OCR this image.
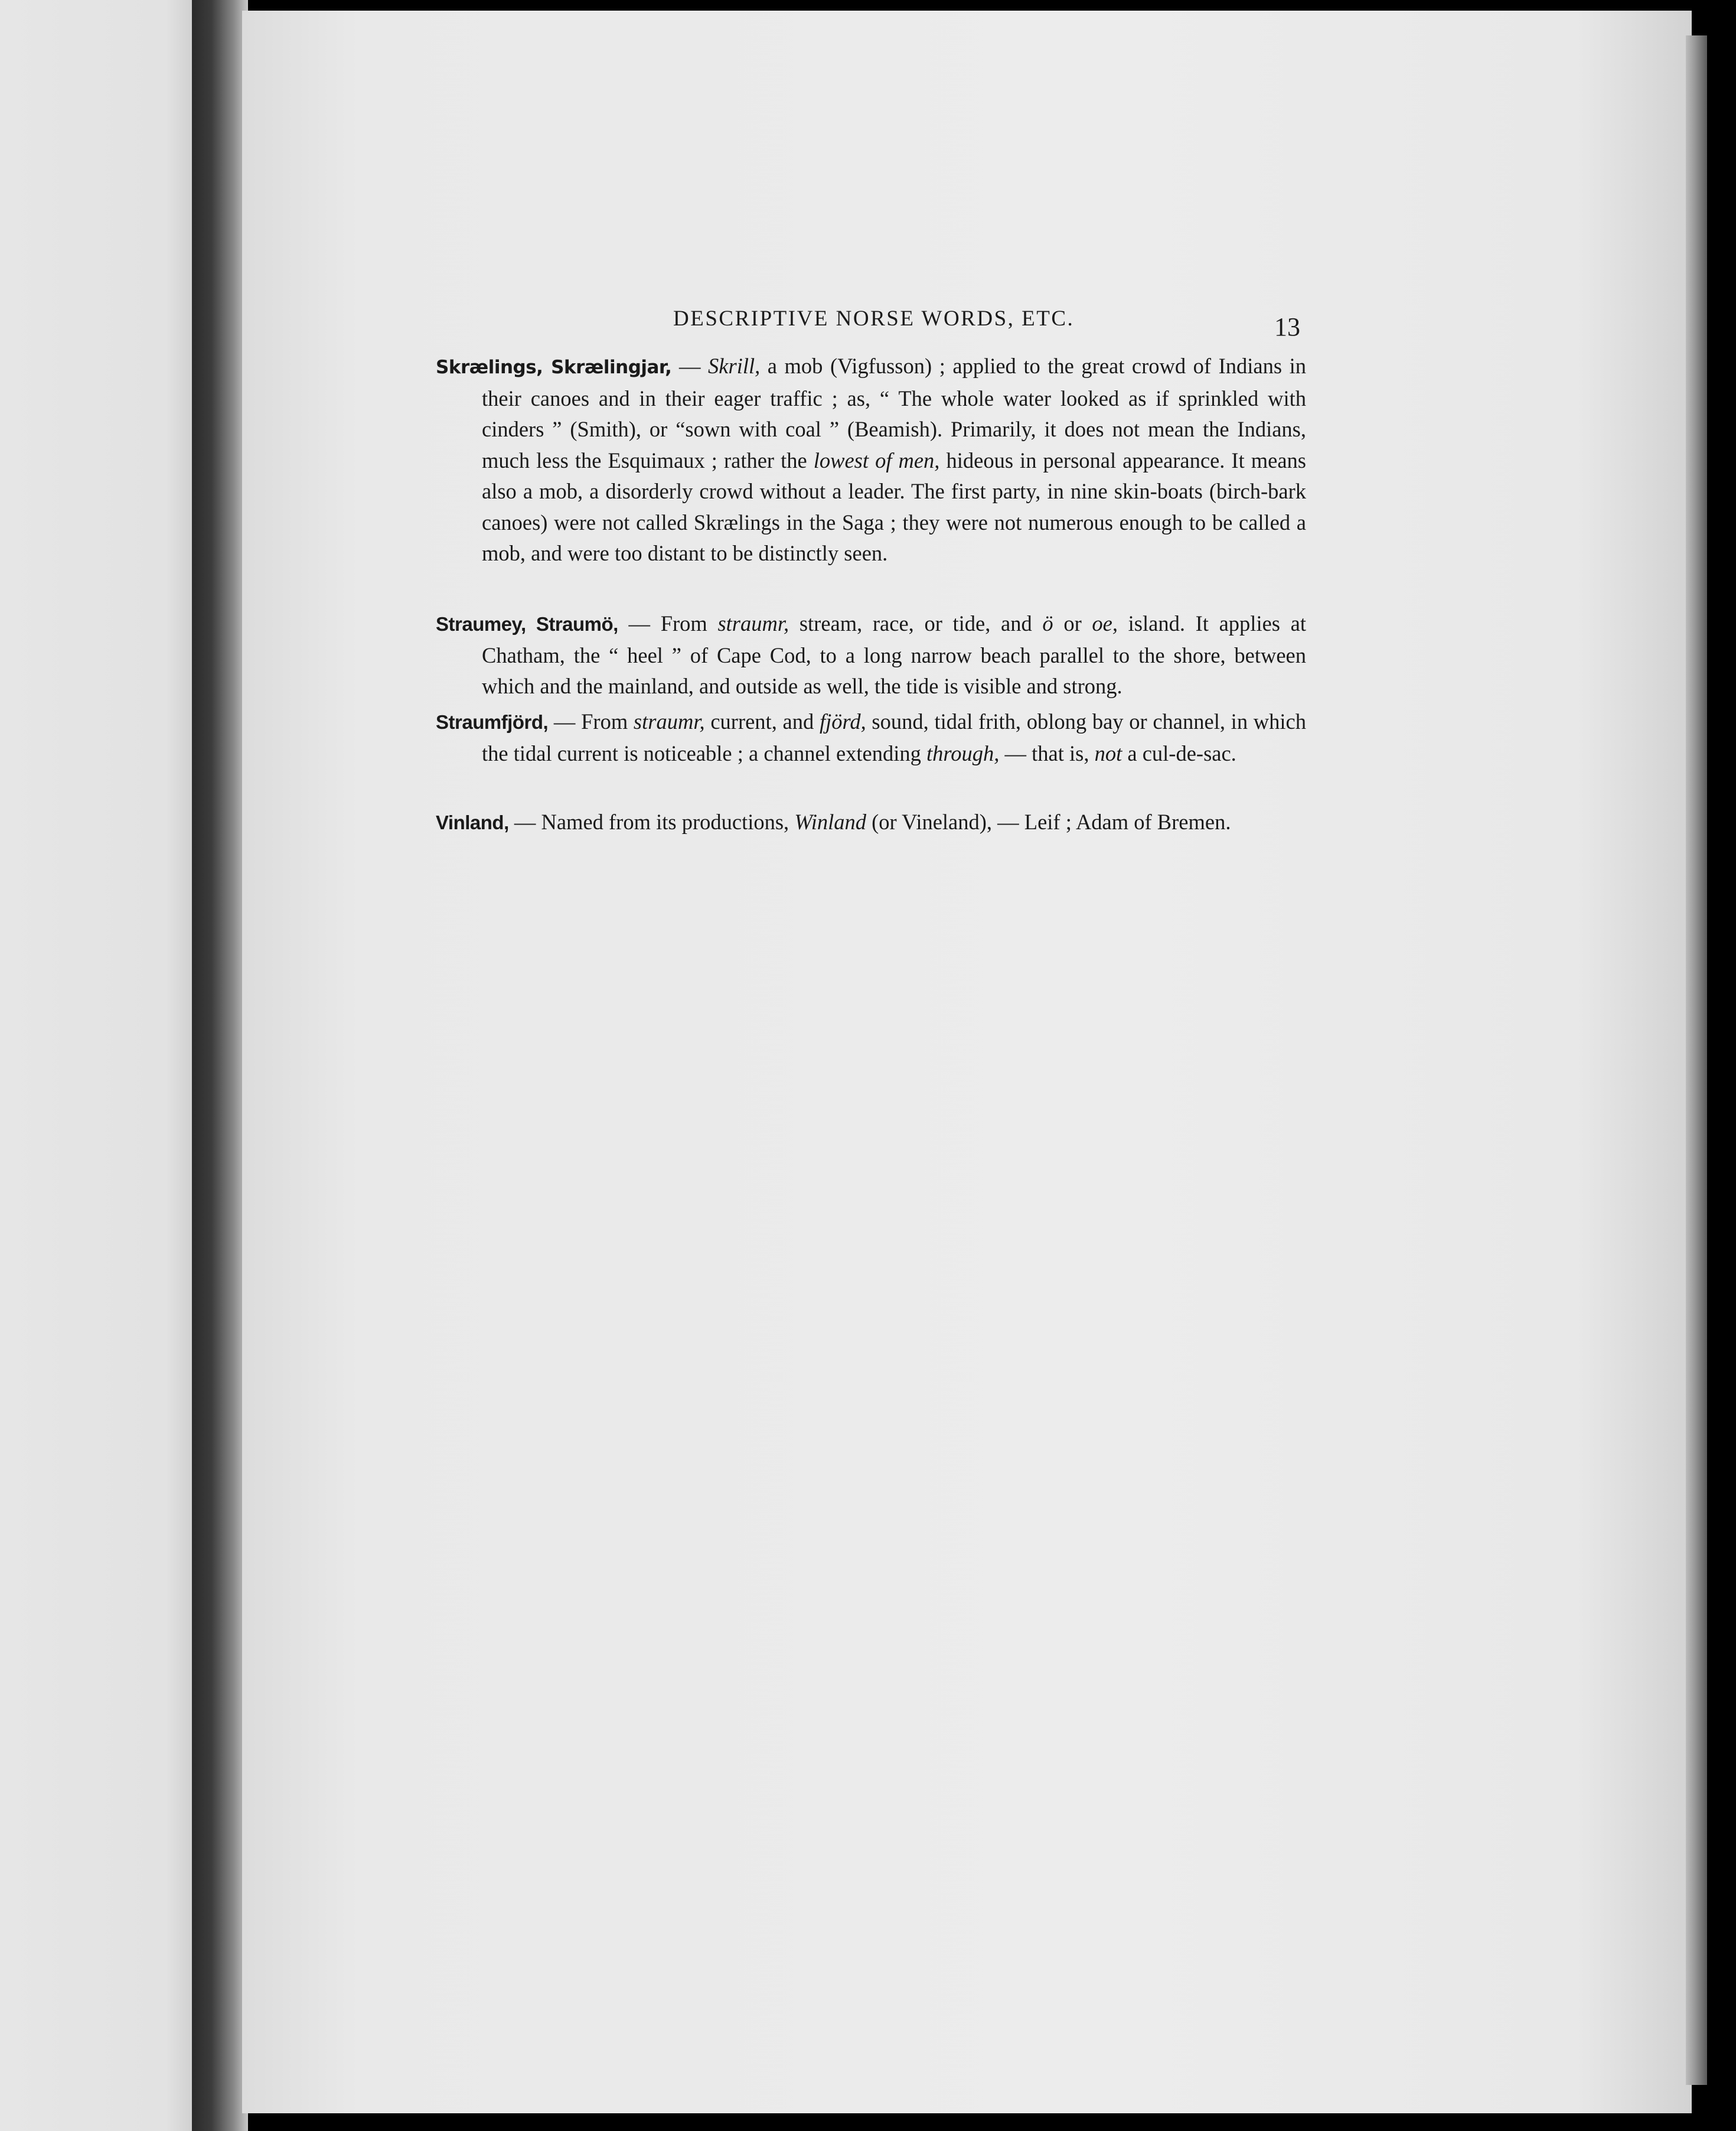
DESCRIPTIVE NORSE WORDS, ETC.	13

Skrælings, Skrælingjar, — Skrill, a mob (Vigfusson) ; applied to the great crowd of Indians in their canoes and in their eager traffic ; as, “ The whole water looked as if sprinkled with cinders ” (Smith), or “sown with coal ” (Beamish). Primarily, it does not mean the Indians, much less the Esquimaux ; rather the lowest of men, hideous in personal appearance. It means also a mob, a disorderly crowd without a leader. The first party, in nine skin-boats (birch-bark canoes) were not called Skrælings in the Saga ; they were not numerous enough to be called a mob, and were too distant to be distinctly seen.

Straumey, Straumö, — From straumr, stream, race, or tide, and ö or oe, island. It applies at Chatham, the “ heel ” of Cape Cod, to a long narrow beach parallel to the shore, between which and the mainland, and outside as well, the tide is visible and strong.

Straumfjörd, — From straumr, current, and fjörd, sound, tidal frith, oblong bay or channel, in which the tidal current is noticeable ; a channel extending through, — that is, not a cul-de-sac.

Vinland, — Named from its productions, Winland (or Vineland), — Leif ; Adam of Bremen.
